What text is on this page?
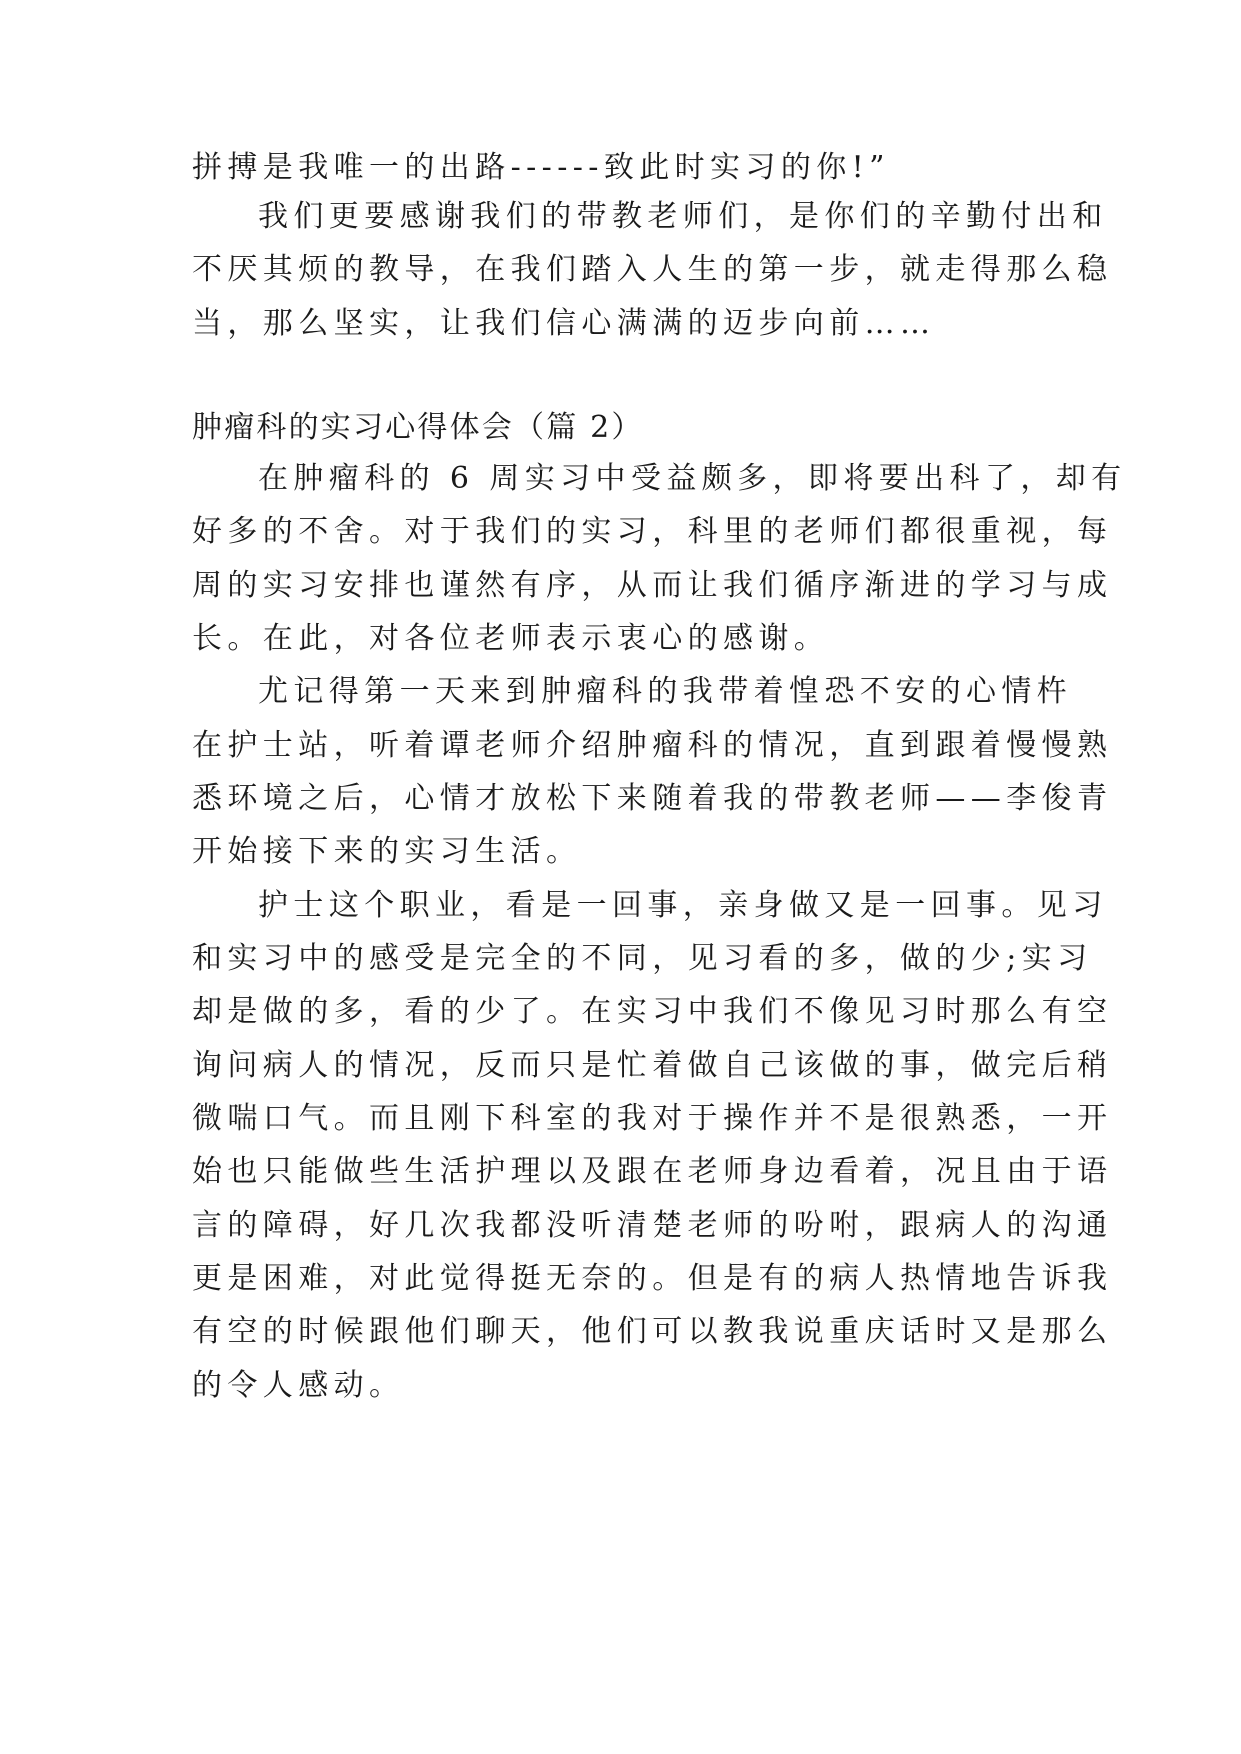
拼搏是我唯一的出路------致此时实习的你!”
我们更要感谢我们的带教老师们，是你们的辛勤付出和
不厌其烦的教导，在我们踏入人生的第一步，就走得那么稳
当，那么坚实，让我们信心满满的迈步向前……
肿瘤科的实习心得体会（篇 2）
在肿瘤科的 6 周实习中受益颇多，即将要出科了，却有
好多的不舍。对于我们的实习，科里的老师们都很重视，每
周的实习安排也谨然有序，从而让我们循序渐进的学习与成
长。在此，对各位老师表示衷心的感谢。
尤记得第一天来到肿瘤科的我带着惶恐不安的心情杵
在护士站，听着谭老师介绍肿瘤科的情况，直到跟着慢慢熟
悉环境之后，心情才放松下来随着我的带教老师——李俊青
开始接下来的实习生活。
护士这个职业，看是一回事，亲身做又是一回事。见习
和实习中的感受是完全的不同，见习看的多，做的少;实习
却是做的多，看的少了。在实习中我们不像见习时那么有空
询问病人的情况，反而只是忙着做自己该做的事，做完后稍
微喘口气。而且刚下科室的我对于操作并不是很熟悉，一开
始也只能做些生活护理以及跟在老师身边看着，况且由于语
言的障碍，好几次我都没听清楚老师的吩咐，跟病人的沟通
更是困难，对此觉得挺无奈的。但是有的病人热情地告诉我
有空的时候跟他们聊天，他们可以教我说重庆话时又是那么
的令人感动。
